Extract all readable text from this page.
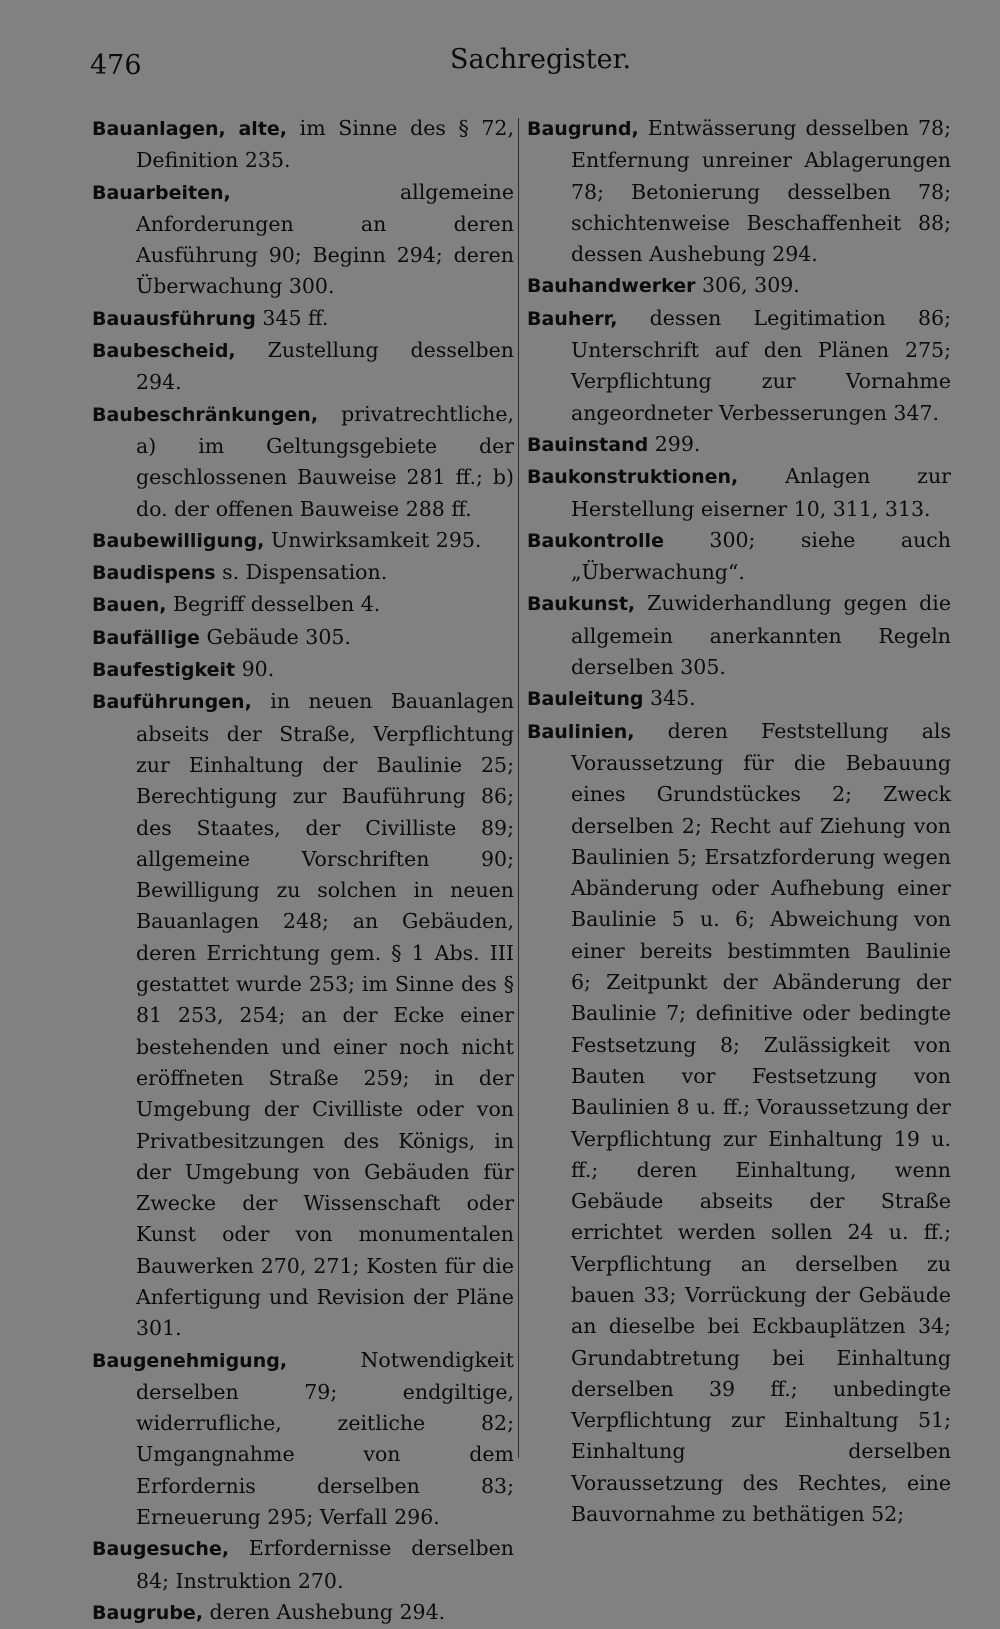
476	Sachregister.

Bauanlagen, alte, im Sinne des § 72, Definition 235.

Bauarbeiten, allgemeine Anforderungen an deren Ausführung 90; Beginn 294; deren Überwachung 300.

Bauausführung 345 ff.

Baubescheid, Zustellung desselben 294.

Baubeschränkungen, privatrechtliche, a) im Geltungsgebiete der geschlossenen Bauweise 281 ff.; b) do. der offenen Bauweise 288 ff.

Baubewilligung, Unwirksamkeit 295.

Baudispens s. Dispensation.

Bauen, Begriff desselben 4.

Baufällige Gebäude 305.

Baufestigkeit 90.

Bauführungen, in neuen Bauanlagen abseits der Straße, Verpflichtung zur Einhaltung der Baulinie 25; Berechtigung zur Bauführung 86; des Staates, der Civilliste 89; allgemeine Vorschriften 90; Bewilligung zu solchen in neuen Bauanlagen 248; an Gebäuden, deren Errichtung gem. § 1 Abs. III gestattet wurde 253; im Sinne des § 81 253, 254; an der Ecke einer bestehenden und einer noch nicht eröffneten Straße 259; in der Umgebung der Civilliste oder von Privatbesitzungen des Königs, in der Umgebung von Gebäuden für Zwecke der Wissenschaft oder Kunst oder von monumentalen Bauwerken 270, 271; Kosten für die Anfertigung und Revision der Pläne 301.

Baugenehmigung, Notwendigkeit derselben 79; endgiltige, widerrufliche, zeitliche 82; Umgangnahme von dem Erfordernis derselben 83; Erneuerung 295; Verfall 296.

Baugesuche, Erfordernisse derselben 84; Instruktion 270.

Baugrube, deren Aushebung 294.

Baugrund, Entwässerung desselben 78; Entfernung unreiner Ablagerungen 78; Betonierung desselben 78; schichtenweise Beschaffenheit 88; dessen Aushebung 294.

Bauhandwerker 306, 309.

Bauherr, dessen Legitimation 86; Unterschrift auf den Plänen 275; Verpflichtung zur Vornahme angeordneter Verbesserungen 347.

Bauinstand 299.

Baukonstruktionen, Anlagen zur Herstellung eiserner 10, 311, 313.

Baukontrolle 300; siehe auch „Überwachung“.

Baukunst, Zuwiderhandlung gegen die allgemein anerkannten Regeln derselben 305.

Bauleitung 345.

Baulinien, deren Feststellung als Voraussetzung für die Bebauung eines Grundstückes 2; Zweck derselben 2; Recht auf Ziehung von Baulinien 5; Ersatzforderung wegen Abänderung oder Aufhebung einer Baulinie 5 u. 6; Abweichung von einer bereits bestimmten Baulinie 6; Zeitpunkt der Abänderung der Baulinie 7; definitive oder bedingte Festsetzung 8; Zulässigkeit von Bauten vor Festsetzung von Baulinien 8 u. ff.; Voraussetzung der Verpflichtung zur Einhaltung 19 u. ff.; deren Einhaltung, wenn Gebäude abseits der Straße errichtet werden sollen 24 u. ff.; Verpflichtung an derselben zu bauen 33; Vorrückung der Gebäude an dieselbe bei Eckbauplätzen 34; Grundabtretung bei Einhaltung derselben 39 ff.; unbedingte Verpflichtung zur Einhaltung 51; Einhaltung derselben Voraussetzung des Rechtes, eine Bauvornahme zu bethätigen 52;
